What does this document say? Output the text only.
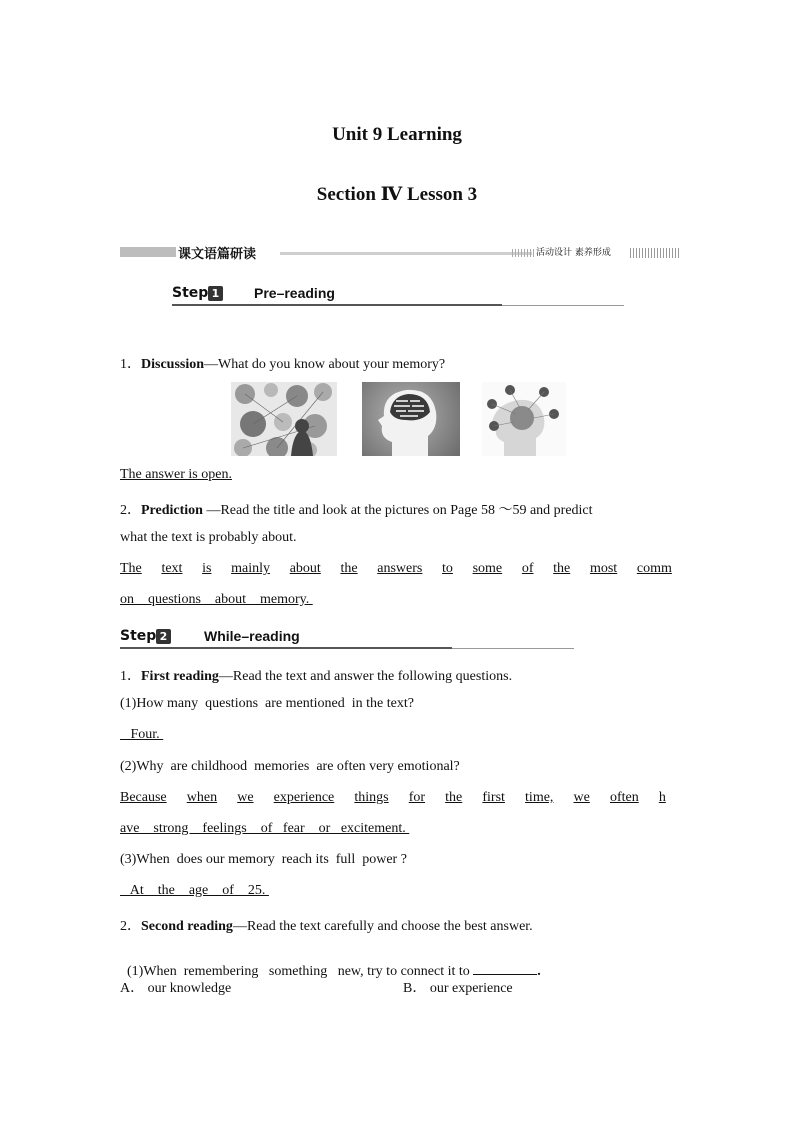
Unit 9 Learning
Section Ⅳ Lesson 3
课文语篇研读	活动设计 素养形成
Step 1 Pre–reading
1．Discussion—What do you know about your memory?
The answer is open.
2．Prediction —Read the title and look at the pictures on Page 58 ～59 and predict
what the text is probably about.
The text is mainly about the answers to some of the most comm
on    questions    about    memory.
Step 2	While–reading
1．First reading—Read the text and answer the following questions.
(1)How many  questions  are mentioned  in the text?
Four.
(2)Why  are childhood  memories  are often very emotional?
Because when we experience things for the first time, we often h
ave    strong    feelings    of   fear    or   excitement.
(3)When  does our memory  reach its  full  power ?
At    the    age    of    25.
2．Second reading—Read the text carefully and choose the best answer.

(1)When  remembering   something   new, try to connect it to	.

A． our knowledge	B． our experience
